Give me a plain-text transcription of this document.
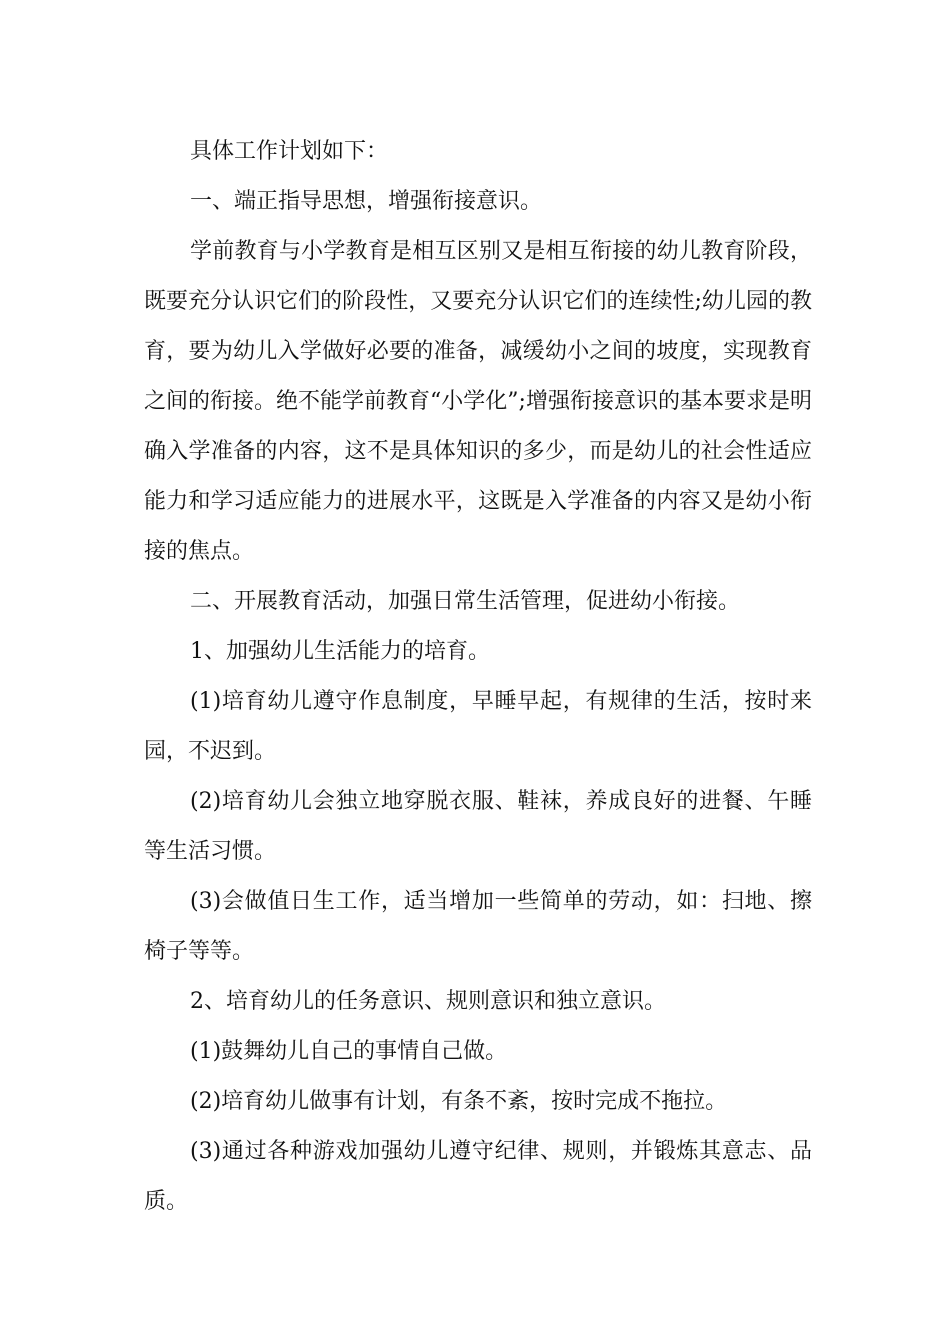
具体工作计划如下：

一、端正指导思想，增强衔接意识。

学前教育与小学教育是相互区别又是相互衔接的幼儿教育阶段，既要充分认识它们的阶段性，又要充分认识它们的连续性;幼儿园的教育，要为幼儿入学做好必要的准备，减缓幼小之间的坡度，实现教育之间的衔接。绝不能学前教育“小学化”;增强衔接意识的基本要求是明确入学准备的内容，这不是具体知识的多少，而是幼儿的社会性适应能力和学习适应能力的进展水平，这既是入学准备的内容又是幼小衔接的焦点。

二、开展教育活动，加强日常生活管理，促进幼小衔接。

1、加强幼儿生活能力的培育。

(1)培育幼儿遵守作息制度，早睡早起，有规律的生活，按时来园，不迟到。

(2)培育幼儿会独立地穿脱衣服、鞋袜，养成良好的进餐、午睡等生活习惯。

(3)会做值日生工作，适当增加一些简单的劳动，如：扫地、擦椅子等等。

2、培育幼儿的任务意识、规则意识和独立意识。

(1)鼓舞幼儿自己的事情自己做。

(2)培育幼儿做事有计划，有条不紊，按时完成不拖拉。

(3)通过各种游戏加强幼儿遵守纪律、规则，并锻炼其意志、品质。
